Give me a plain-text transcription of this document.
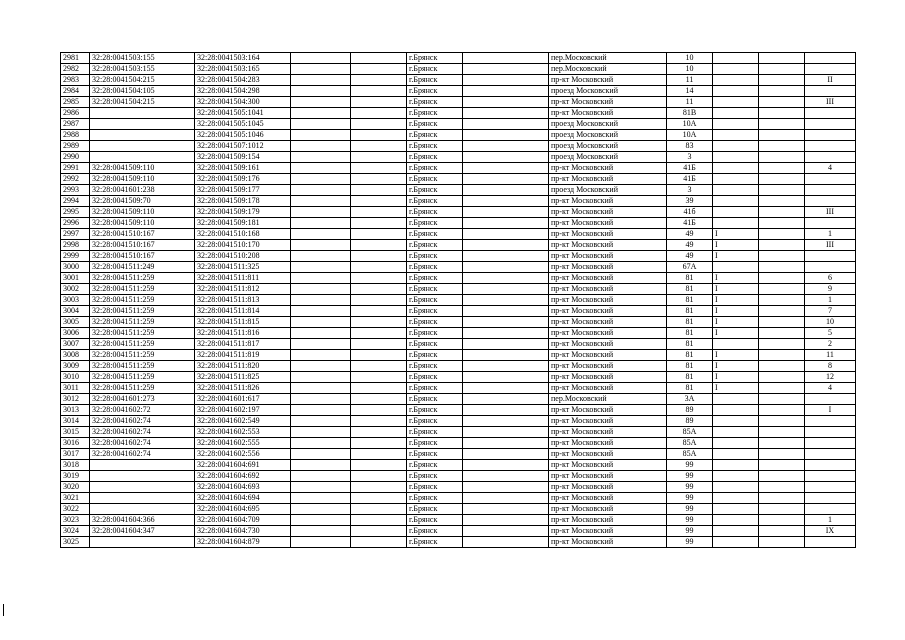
2981	32:28:0041503:155	32:28:0041503:164			г.Брянск		пер.Московский	10			
2982	32:28:0041503:155	32:28:0041503:165			г.Брянск		пер.Московский	10			
2983	32:28:0041504:215	32:28:0041504:283			г.Брянск		пр-кт Московский	11			II
2984	32:28:0041504:105	32:28:0041504:298			г.Брянск		проезд Московский	14			
2985	32:28:0041504:215	32:28:0041504:300			г.Брянск		пр-кт Московский	11			III
2986		32:28:0041505:1041			г.Брянск		пр-кт Московский	81В			
2987		32:28:0041505:1045			г.Брянск		проезд Московский	10А			
2988		32:28:0041505:1046			г.Брянск		проезд Московский	10А			
2989		32:28:0041507:1012			г.Брянск		проезд Московский	83			
2990		32:28:0041509:154			г.Брянск		проезд Московский	3			
2991	32:28:0041509:110	32:28:0041509:161			г.Брянск		пр-кт Московский	41Б			4
2992	32:28:0041509:110	32:28:0041509:176			г.Брянск		пр-кт Московский	41Б			
2993	32:28:0041601:238	32:28:0041509:177			г.Брянск		проезд Московский	3			
2994	32:28:0041509:70	32:28:0041509:178			г.Брянск		пр-кт Московский	39			
2995	32:28:0041509:110	32:28:0041509:179			г.Брянск		пр-кт Московский	41б			III
2996	32:28:0041509:110	32:28:0041509:181			г.Брянск		пр-кт Московский	41Б			
2997	32:28:0041510:167	32:28:0041510:168			г.Брянск		пр-кт Московский	49	I		1
2998	32:28:0041510:167	32:28:0041510:170			г.Брянск		пр-кт Московский	49	I		III
2999	32:28:0041510:167	32:28:0041510:208			г.Брянск		пр-кт Московский	49	I		
3000	32:28:0041511:249	32:28:0041511:325			г.Брянск		пр-кт Московский	67А			
3001	32:28:0041511:259	32:28:0041511:811			г.Брянск		пр-кт Московский	81	I		6
3002	32:28:0041511:259	32:28:0041511:812			г.Брянск		пр-кт Московский	81	I		9
3003	32:28:0041511:259	32:28:0041511:813			г.Брянск		пр-кт Московский	81	I		1
3004	32:28:0041511:259	32:28:0041511:814			г.Брянск		пр-кт Московский	81	I		7
3005	32:28:0041511:259	32:28:0041511:815			г.Брянск		пр-кт Московский	81	I		10
3006	32:28:0041511:259	32:28:0041511:816			г.Брянск		пр-кт Московский	81	I		5
3007	32:28:0041511:259	32:28:0041511:817			г.Брянск		пр-кт Московский	81			2
3008	32:28:0041511:259	32:28:0041511:819			г.Брянск		пр-кт Московский	81	I		11
3009	32:28:0041511:259	32:28:0041511:820			г.Брянск		пр-кт Московский	81	I		8
3010	32:28:0041511:259	32:28:0041511:825			г.Брянск		пр-кт Московский	81	I		12
3011	32:28:0041511:259	32:28:0041511:826			г.Брянск		пр-кт Московский	81	I		4
3012	32:28:0041601:273	32:28:0041601:617			г.Брянск		пер.Московский	3А			
3013	32:28:0041602:72	32:28:0041602:197			г.Брянск		пр-кт Московский	89			I
3014	32:28:0041602:74	32:28:0041602:549			г.Брянск		пр-кт Московский	89			
3015	32:28:0041602:74	32:28:0041602:553			г.Брянск		пр-кт Московский	85А			
3016	32:28:0041602:74	32:28:0041602:555			г.Брянск		пр-кт Московский	85А			
3017	32:28:0041602:74	32:28:0041602:556			г.Брянск		пр-кт Московский	85А			
3018		32:28:0041604:691			г.Брянск		пр-кт Московский	99			
3019		32:28:0041604:692			г.Брянск		пр-кт Московский	99			
3020		32:28:0041604:693			г.Брянск		пр-кт Московский	99			
3021		32:28:0041604:694			г.Брянск		пр-кт Московский	99			
3022		32:28:0041604:695			г.Брянск		пр-кт Московский	99			
3023	32:28:0041604:366	32:28:0041604:709			г.Брянск		пр-кт Московский	99			1
3024	32:28:0041604:347	32:28:0041604:730			г.Брянск		пр-кт Московский	99			IX
3025		32:28:0041604:879			г.Брянск		пр-кт Московский	99			
